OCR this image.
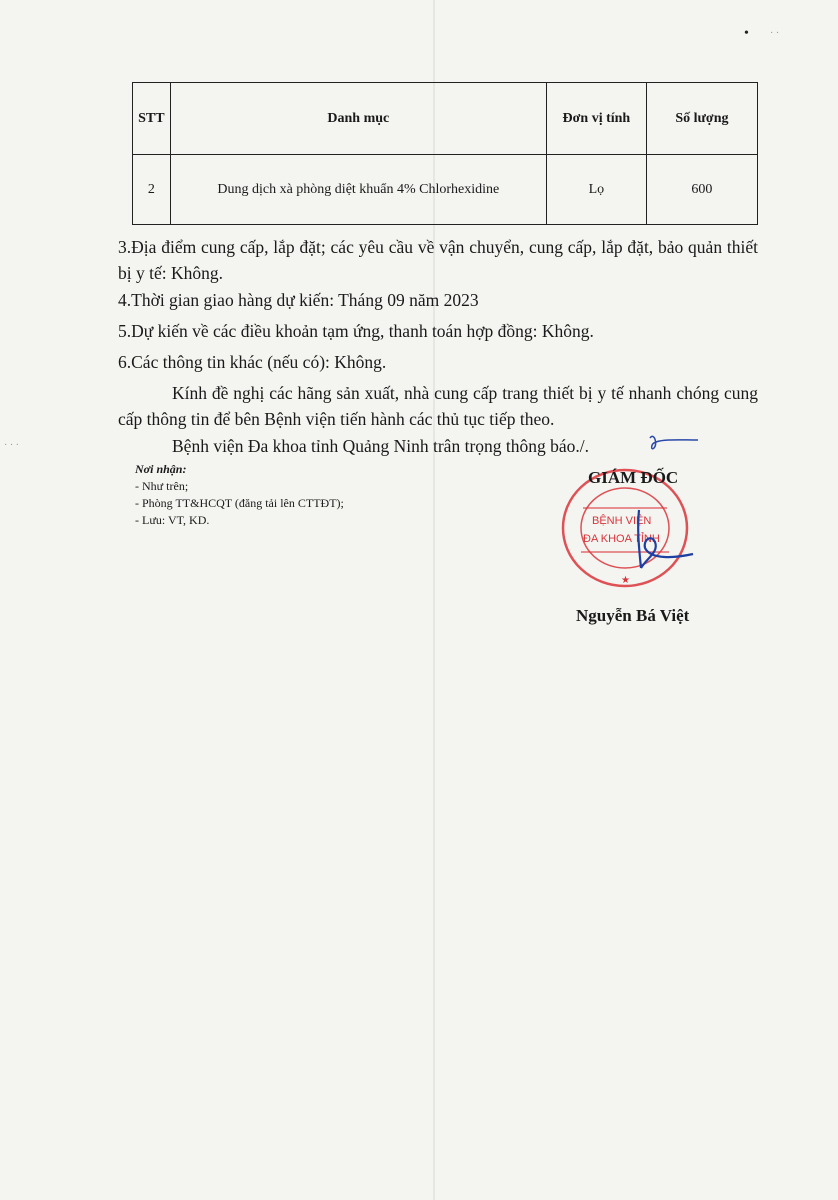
• · ·
· · ·
STT	Danh mục	Đơn vị tính	Số lượng
2	Dung dịch xà phòng diệt khuẩn 4% Chlorhexidine	Lọ	600
3.Địa điểm cung cấp, lắp đặt; các yêu cầu về vận chuyển, cung cấp, lắp đặt, bảo quản thiết bị y tế: Không.
4.Thời gian giao hàng dự kiến: Tháng 09 năm 2023
5.Dự kiến về các điều khoản tạm ứng, thanh toán hợp đồng: Không.
6.Các thông tin khác (nếu có): Không.
Kính đề nghị các hãng sản xuất, nhà cung cấp trang thiết bị y tế nhanh chóng cung cấp thông tin để bên Bệnh viện tiến hành các thủ tục tiếp theo.
Bệnh viện Đa khoa tỉnh Quảng Ninh trân trọng thông báo./.
Nơi nhận:
- Như trên;
- Phòng TT&HCQT (đăng tải lên CTTĐT);
- Lưu: VT, KD.	BỆNH VIỆN
ĐA KHOA TỈNH
★
GIÁM ĐỐC
Nguyễn Bá Việt
